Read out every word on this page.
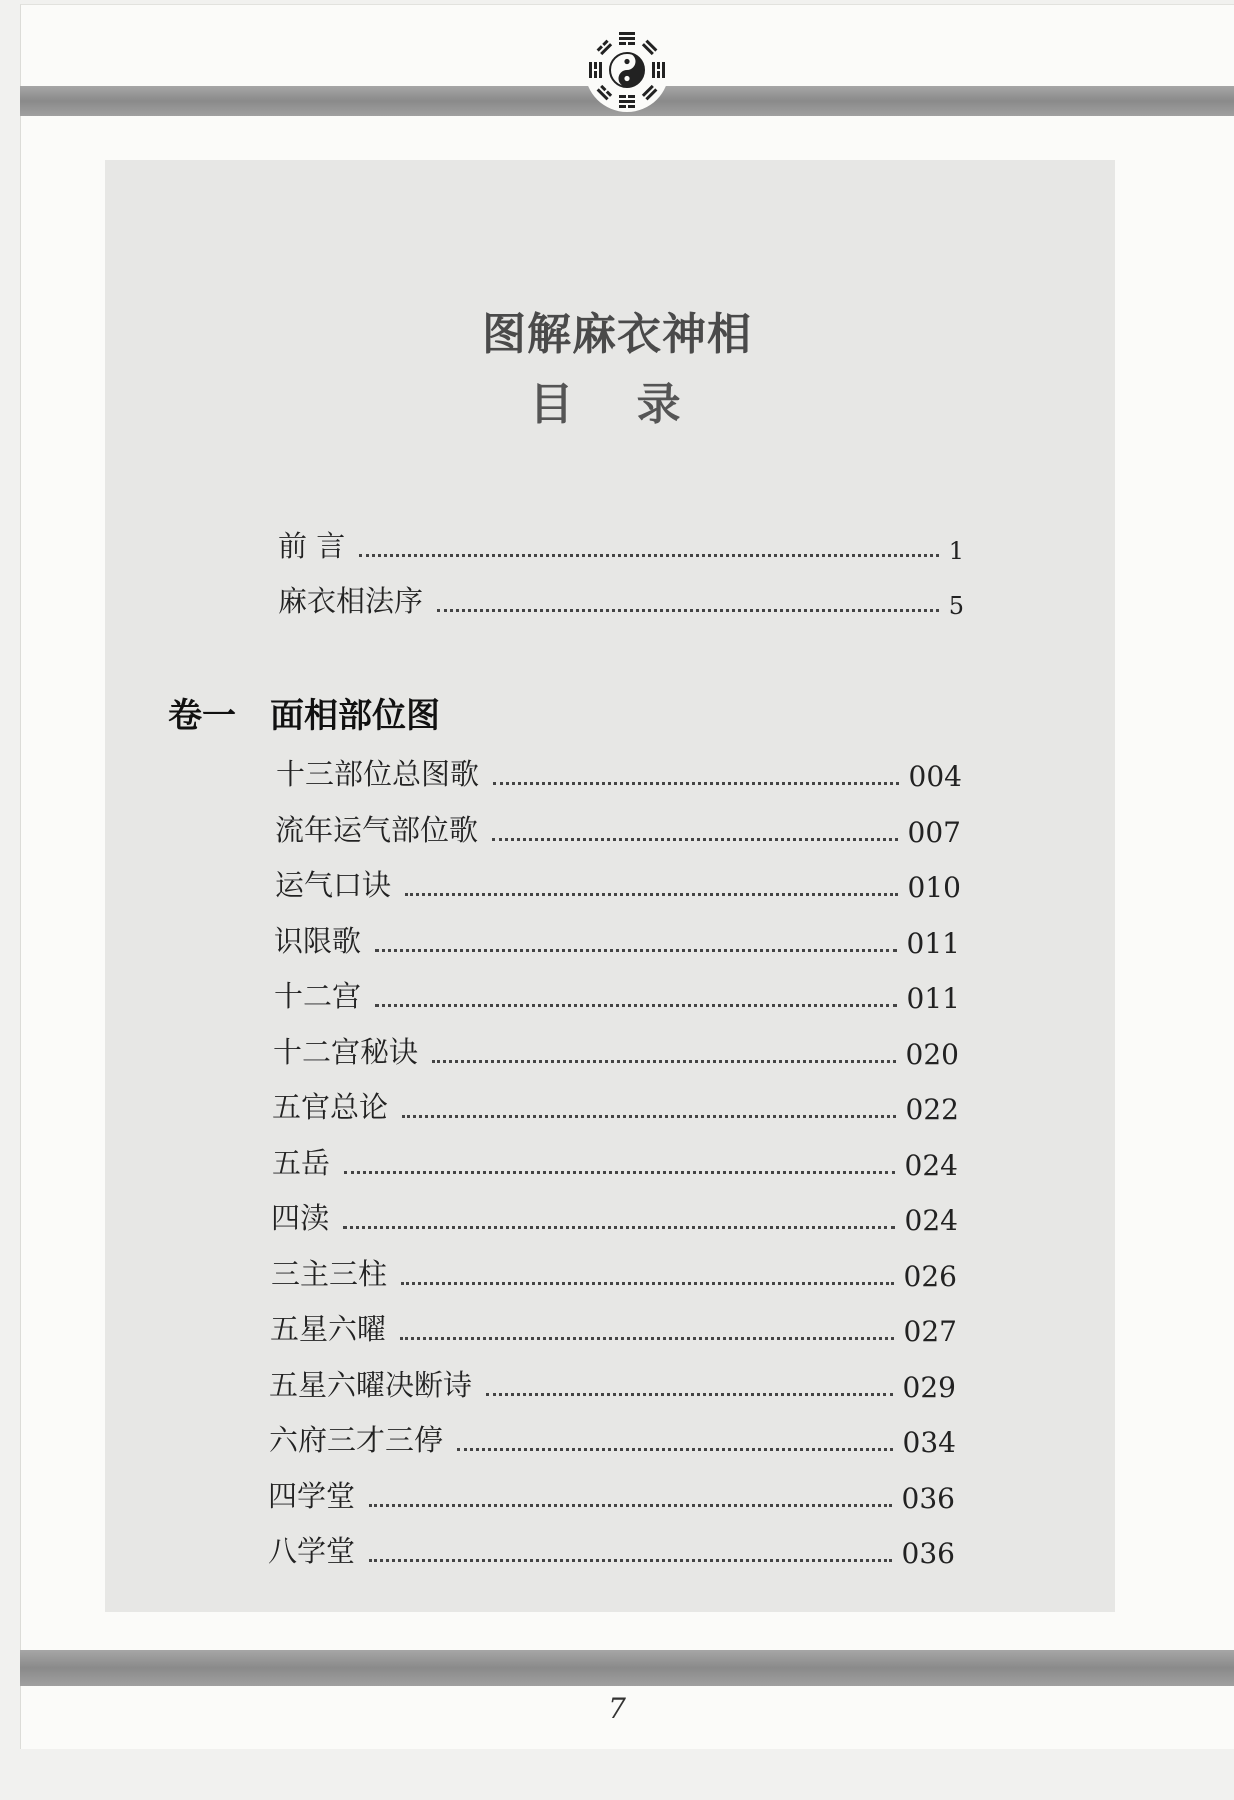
图解麻衣神相
目 录
前 言	1
麻衣相法序	5
卷一 面相部位图
十三部位总图歌	004
流年运气部位歌	007
运气口诀	010
识限歌	011
十二宫	011
十二宫秘诀	020
五官总论	022
五岳	024
四渎	024
三主三柱	026
五星六曜	027
五星六曜决断诗	029
六府三才三停	034
四学堂	036
八学堂	036
7
